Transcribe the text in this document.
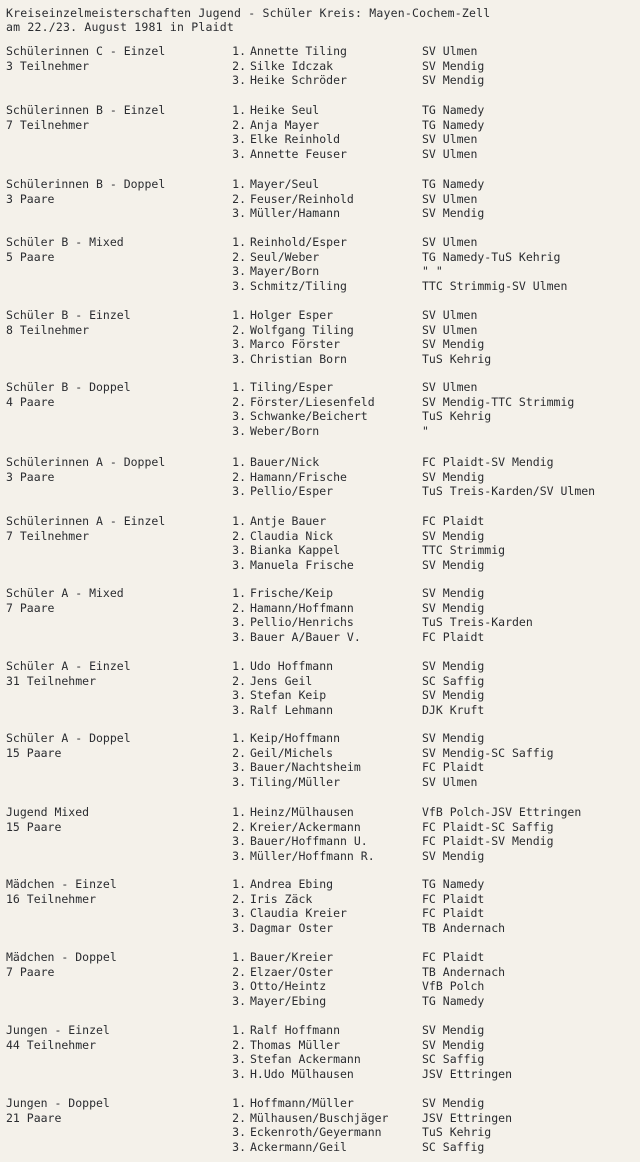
Kreiseinzelmeisterschaften Jugend - Schüler Kreis: Mayen-Cochem-Zell
am 22./23. August 1981 in Plaidt
Schülerinnen C - Einzel
3 Teilnehmer
1. Annette Tiling	SV Ulmen
2. Silke Idczak	SV Mendig
3. Heike Schröder	SV Mendig
Schülerinnen B - Einzel
7 Teilnehmer
1. Heike Seul	TG Namedy
2. Anja Mayer	TG Namedy
3. Elke Reinhold	SV Ulmen
3. Annette Feuser	SV Ulmen
Schülerinnen B - Doppel
3 Paare
1. Mayer/Seul	TG Namedy
2. Feuser/Reinhold	SV Ulmen
3. Müller/Hamann	SV Mendig
Schüler B - Mixed
5 Paare
1. Reinhold/Esper	SV Ulmen
2. Seul/Weber	TG Namedy-TuS Kehrig
3. Mayer/Born	" "
3. Schmitz/Tiling	TTC Strimmig-SV Ulmen
Schüler B - Einzel
8 Teilnehmer
1. Holger Esper	SV Ulmen
2. Wolfgang Tiling	SV Ulmen
3. Marco Förster	SV Mendig
3. Christian Born	TuS Kehrig
Schüler B - Doppel
4 Paare
1. Tiling/Esper	SV Ulmen
2. Förster/Liesenfeld	SV Mendig-TTC Strimmig
3. Schwanke/Beichert	TuS Kehrig
3. Weber/Born	"
Schülerinnen A - Doppel
3 Paare
1. Bauer/Nick	FC Plaidt-SV Mendig
2. Hamann/Frische	SV Mendig
3. Pellio/Esper	TuS Treis-Karden/SV Ulmen
Schülerinnen A - Einzel
7 Teilnehmer
1. Antje Bauer	FC Plaidt
2. Claudia Nick	SV Mendig
3. Bianka Kappel	TTC Strimmig
3. Manuela Frische	SV Mendig
Schüler A - Mixed
7 Paare
1. Frische/Keip	SV Mendig
2. Hamann/Hoffmann	SV Mendig
3. Pellio/Henrichs	TuS Treis-Karden
3. Bauer A/Bauer V.	FC Plaidt
Schüler A - Einzel
31 Teilnehmer
1. Udo Hoffmann	SV Mendig
2. Jens Geil	SC Saffig
3. Stefan Keip	SV Mendig
3. Ralf Lehmann	DJK Kruft
Schüler A - Doppel
15 Paare
1. Keip/Hoffmann	SV Mendig
2. Geil/Michels	SV Mendig-SC Saffig
3. Bauer/Nachtsheim	FC Plaidt
3. Tiling/Müller	SV Ulmen
Jugend Mixed
15 Paare
1. Heinz/Mülhausen	VfB Polch-JSV Ettringen
2. Kreier/Ackermann	FC Plaidt-SC Saffig
3. Bauer/Hoffmann U.	FC Plaidt-SV Mendig
3. Müller/Hoffmann R.	SV Mendig
Mädchen - Einzel
16 Teilnehmer
1. Andrea Ebing	TG Namedy
2. Iris Zäck	FC Plaidt
3. Claudia Kreier	FC Plaidt
3. Dagmar Oster	TB Andernach
Mädchen - Doppel
7 Paare
1. Bauer/Kreier	FC Plaidt
2. Elzaer/Oster	TB Andernach
3. Otto/Heintz	VfB Polch
3. Mayer/Ebing	TG Namedy
Jungen - Einzel
44 Teilnehmer
1. Ralf Hoffmann	SV Mendig
2. Thomas Müller	SV Mendig
3. Stefan Ackermann	SC Saffig
3. H.Udo Mülhausen	JSV Ettringen
Jungen - Doppel
21 Paare
1. Hoffmann/Müller	SV Mendig
2. Mülhausen/Buschjäger	JSV Ettringen
3. Eckenroth/Geyermann	TuS Kehrig
3. Ackermann/Geil	SC Saffig
